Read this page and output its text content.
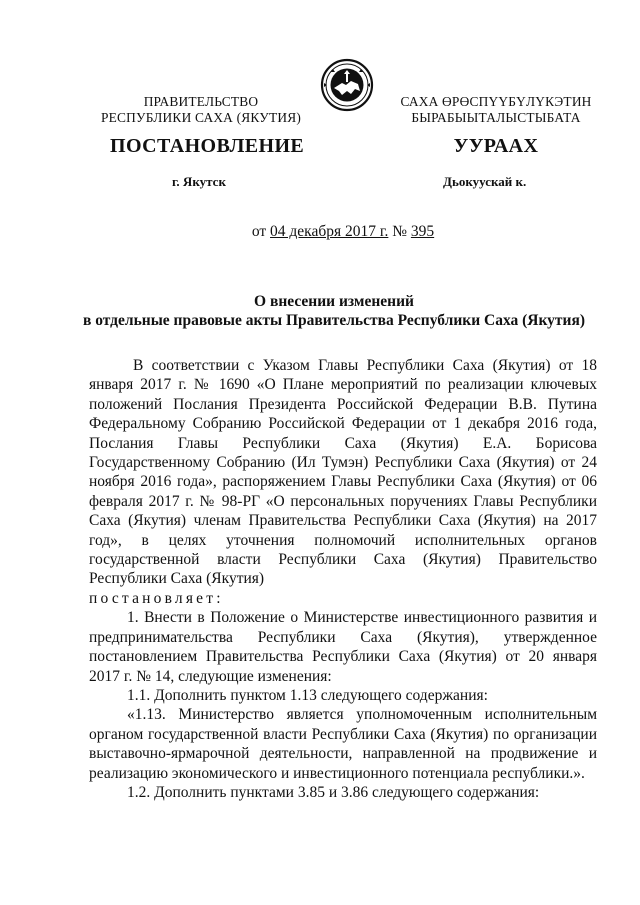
ПРАВИТЕЛЬСТВО
РЕСПУБЛИКИ САХА (ЯКУТИЯ)
САХА ӨРӨСПҮҮБҮЛҮКЭТИН
БЫРАБЫЫТАЛЫСТЫБАТА
ПОСТАНОВЛЕНИЕ	УУРААХ
г. Якутск	Дьокуускай к.
от 04 декабря 2017 г. № 395
О внесении изменений
в отдельные правовые акты Правительства Республики Саха (Якутия)

В соответствии с Указом Главы Республики Саха (Якутия) от 18 января 2017 г. № 1690 «О Плане мероприятий по реализации ключевых положений Послания Президента Российской Федерации В.В. Путина Федеральному Собранию Российской Федерации от 1 декабря 2016 года, Послания Главы Республики Саха (Якутия) Е.А. Борисова Государственному Собранию (Ил Тумэн) Республики Саха (Якутия) от 24 ноября 2016 года», распоряжением Главы Республики Саха (Якутия) от 06 февраля 2017 г. № 98-РГ «О персональных поручениях Главы Республики Саха (Якутия) членам Правительства Республики Саха (Якутия) на 2017 год», в целях уточнения полномочий исполнительных органов государственной власти Республики Саха (Якутия) Правительство Республики Саха (Якутия)

постановляет:

1. Внести в Положение о Министерстве инвестиционного развития и предпринимательства Республики Саха (Якутия), утвержденное постановлением Правительства Республики Саха (Якутия) от 20 января 2017 г. № 14, следующие изменения:

1.1. Дополнить пунктом 1.13 следующего содержания:

«1.13. Министерство является уполномоченным исполнительным органом государственной власти Республики Саха (Якутия) по организации выставочно-ярмарочной деятельности, направленной на продвижение и реализацию экономического и инвестиционного потенциала республики.».

1.2. Дополнить пунктами 3.85 и 3.86 следующего содержания:
